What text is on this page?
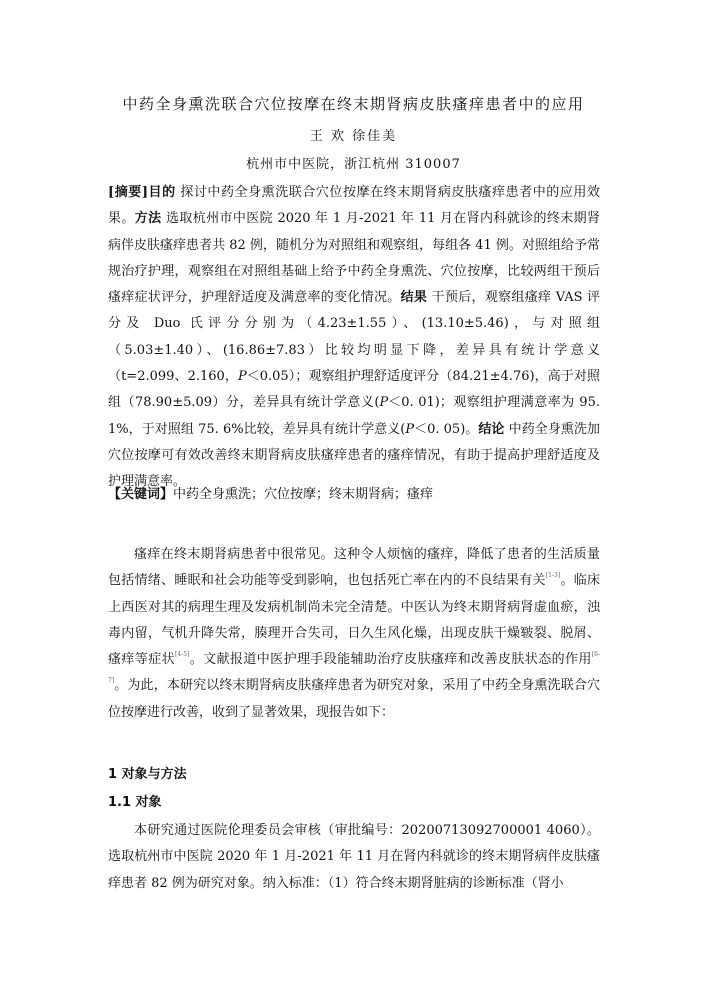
中药全身熏洗联合穴位按摩在终末期肾病皮肤瘙痒患者中的应用
王 欢 徐佳美
杭州市中医院，浙江杭州 310007
[摘要]目的 探讨中药全身熏洗联合穴位按摩在终末期肾病皮肤瘙痒患者中的应用效果。方法 选取杭州市中医院 2020 年 1 月-2021 年 11 月在肾内科就诊的终末期肾病伴皮肤瘙痒患者共 82 例，随机分为对照组和观察组，每组各 41 例。对照组给予常规治疗护理，观察组在对照组基础上给予中药全身熏洗、穴位按摩，比较两组干预后瘙痒症状评分，护理舒适度及满意率的变化情况。结果 干预后，观察组瘙痒 VAS 评分及 Duo 氏评分分别为（4.23±1.55）、(13.10±5.46)，与对照组（5.03±1.40）、(16.86±7.83）比较均明显下降，差异具有统计学意义（t=2.099、2.160，P＜0.05）；观察组护理舒适度评分（84.21±4.76)，高于对照组（78.90±5.09）分，差异具有统计学意义(P＜0. 01)；观察组护理满意率为 95. 1%，于对照组 75. 6%比较，差异具有统计学意义(P＜0. 05)。结论 中药全身熏洗加穴位按摩可有效改善终末期肾病皮肤瘙痒患者的瘙痒情况，有助于提高护理舒适度及护理满意率。
【关键词】中药全身熏洗；穴位按摩；终末期肾病；瘙痒
瘙痒在终末期肾病患者中很常见。这种令人烦恼的瘙痒，降低了患者的生活质量包括情绪、睡眠和社会功能等受到影响，也包括死亡率在内的不良结果有关[1-3]。临床上西医对其的病理生理及发病机制尚未完全清楚。中医认为终末期肾病肾虚血瘀，浊毒内留，气机升降失常，腠理开合失司，日久生风化燥，出现皮肤干燥皲裂、脱屑、瘙痒等症状[4-5]。文献报道中医护理手段能辅助治疗皮肤瘙痒和改善皮肤状态的作用[6-7]。为此，本研究以终末期肾病皮肤瘙痒患者为研究对象，采用了中药全身熏洗联合穴位按摩进行改善，收到了显著效果，现报告如下：
1 对象与方法
1.1 对象
本研究通过医院伦理委员会审核（审批编号：20200713092700001 4060）。选取杭州市中医院 2020 年 1 月-2021 年 11 月在肾内科就诊的终末期肾病伴皮肤瘙痒患者 82 例为研究对象。纳入标准：（1）符合终末期肾脏病的诊断标准（肾小
